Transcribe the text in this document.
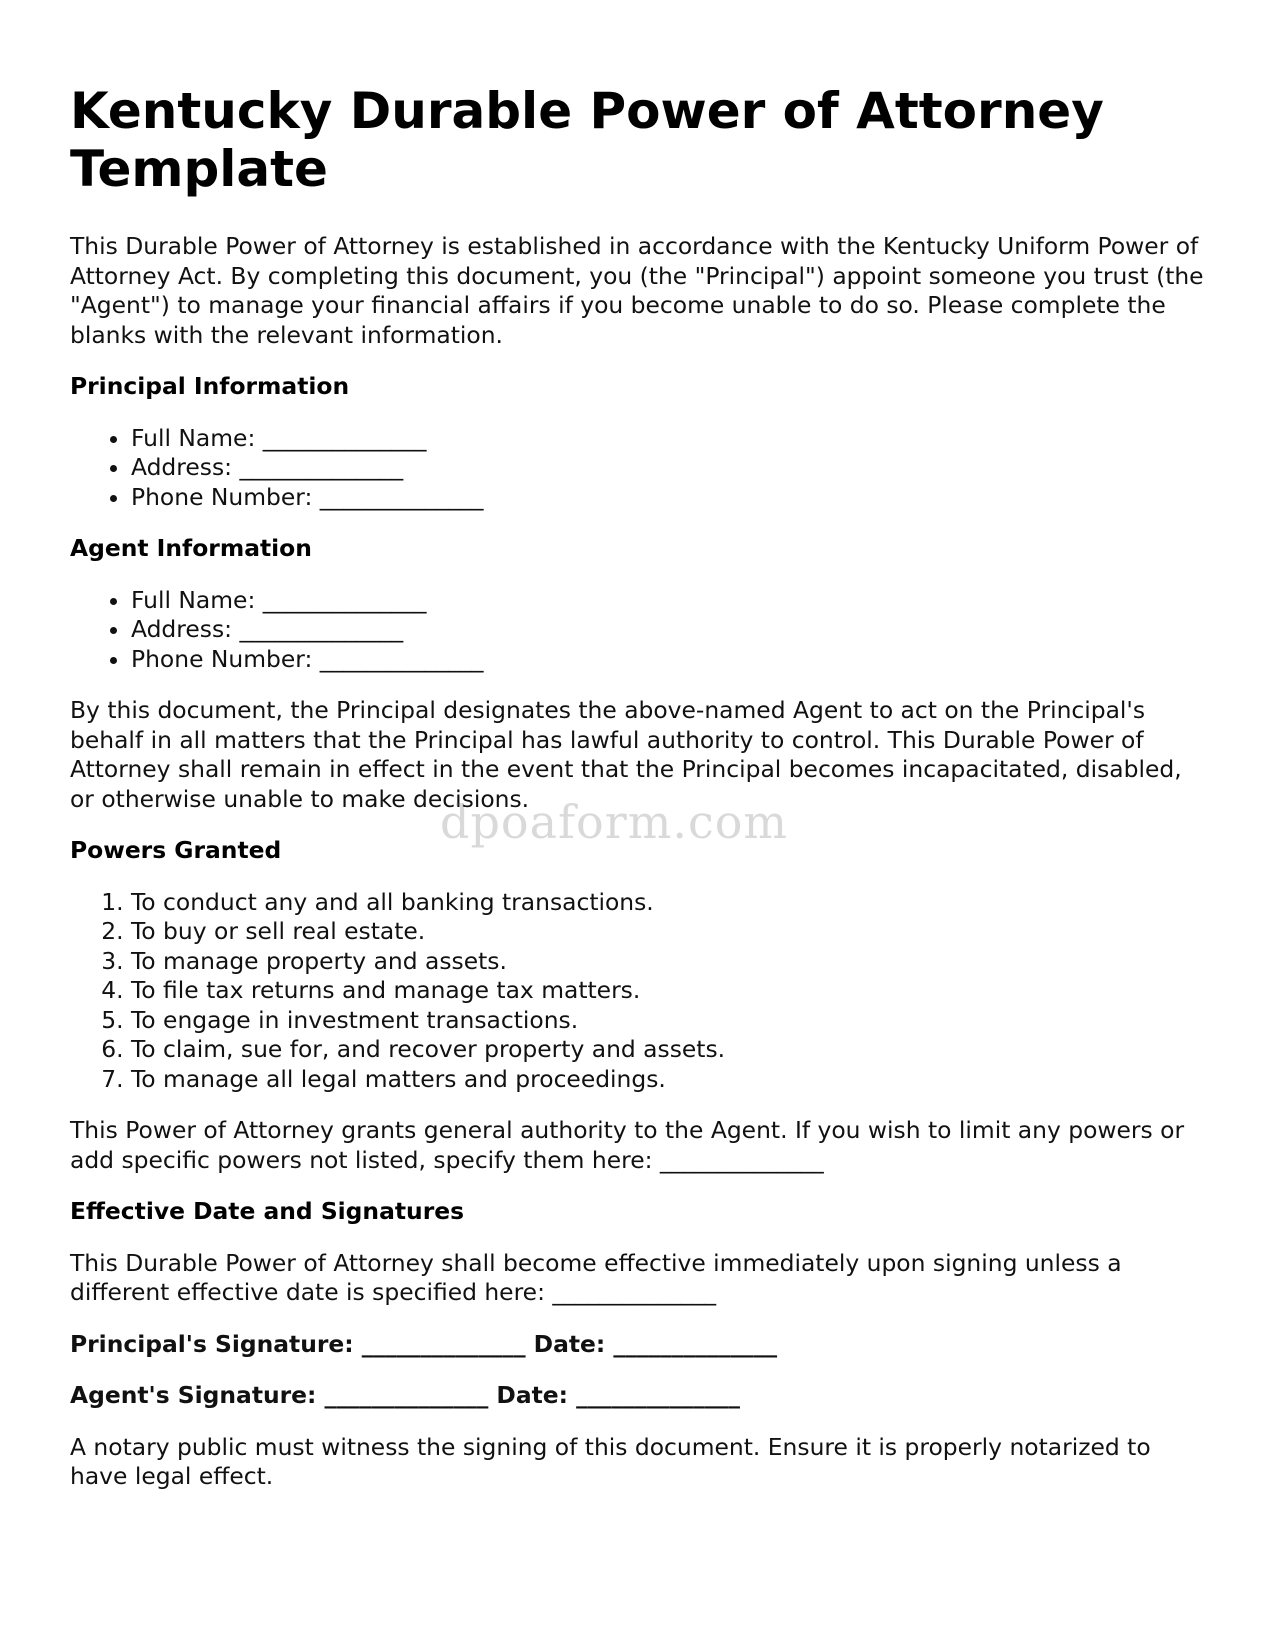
Kentucky Durable Power of Attorney Template

This Durable Power of Attorney is established in accordance with the Kentucky Uniform Power of Attorney Act. By completing this document, you (the "Principal") appoint someone you trust (the "Agent") to manage your financial affairs if you become unable to do so. Please complete the blanks with the relevant information.

Principal Information
• Full Name: ______________
• Address: ______________
• Phone Number: ______________
Agent Information
• Full Name: ______________
• Address: ______________
• Phone Number: ______________

By this document, the Principal designates the above-named Agent to act on the Principal's behalf in all matters that the Principal has lawful authority to control. This Durable Power of Attorney shall remain in effect in the event that the Principal becomes incapacitated, disabled, or otherwise unable to make decisions.

Powers Granted
1. To conduct any and all banking transactions.
2. To buy or sell real estate.
3. To manage property and assets.
4. To file tax returns and manage tax matters.
5. To engage in investment transactions.
6. To claim, sue for, and recover property and assets.
7. To manage all legal matters and proceedings.

This Power of Attorney grants general authority to the Agent. If you wish to limit any powers or add specific powers not listed, specify them here: ______________

Effective Date and Signatures

This Durable Power of Attorney shall become effective immediately upon signing unless a different effective date is specified here: ______________

Principal's Signature: ______________ Date: ______________
Agent's Signature: ______________ Date: ______________

A notary public must witness the signing of this document. Ensure it is properly notarized to have legal effect.

dpoaform.com
